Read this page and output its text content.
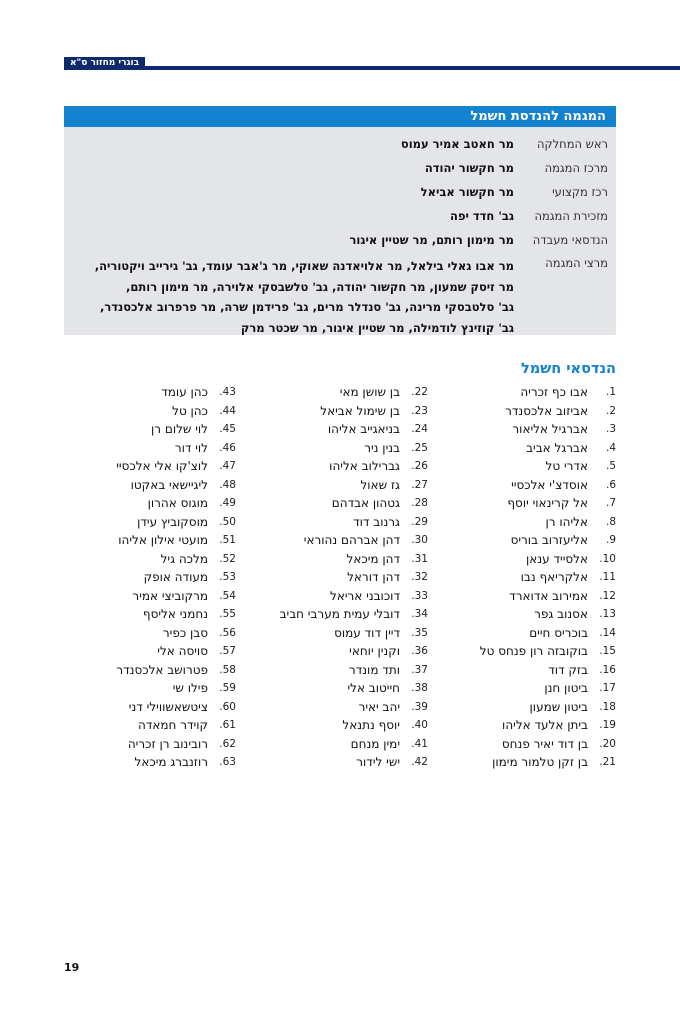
בוגרי מחזור ס"א
המגמה להנדסת חשמל
ראש המחלקה
מר חאטב אמיר עמוס
מרכז המגמה
מר חקשור יהודה
רכז מקצועי
מר חקשור אביאל
מזכירת המגמה
גב' חדד יפה
הנדסאי מעבדה
מר מימון רותם, מר שטיין איגור
מרצי המגמה
מר אבו גאלי בילאל, מר אלויאדנה שאוקי, מר ג'אבר עומד, גב' גירייב ויקטוריה,
מר זיסק שמעון, מר חקשור יהודה, גב' טלשבסקי אלוירה, מר מימון רותם,
גב' סלטבסקי מרינה, גב' סנדלר מרים, גב' פרידמן שרה, מר פרפרוב אלכסנדר,
גב' קוזינץ לודמילה, מר שטיין איגור, מר שכטר מרק
הנדסאי חשמל
1.
אבו כף זכריה
2.
אביזוב אלכסנדר
3.
אברגיל אליאור
4.
אברגל אביב
5.
אדרי טל
6.
אוסדצ'י אלכסיי
7.
אל קרינאוי יוסף
8.
אליהו רן
9.
אליעזרוב בוריס
10.
אלסייד ענאן
11.
אלקריאף נבו
12.
אמירוב אדוארד
13.
אסנוב גפר
14.
בוכריס חיים
15.
בוקובזה רון פנחס טל
16.
בזק דוד
17.
ביטון חנן
18.
ביטון שמעון
19.
ביתן אלעד אליהו
20.
בן דוד יאיר פנחס
21.
בן זקן טלמור מימון
22.
בן שושן מאי
23.
בן שימול אביאל
24.
בניאגייב אליהו
25.
בנין ניר
26.
גברילוב אליהו
27.
גז שאול
28.
גטהון אבדהם
29.
גרנוב דוד
30.
דהן אברהם נהוראי
31.
דהן מיכאל
32.
דהן דוראל
33.
דוכובני אריאל
34.
דובלי עמית מערבי חביב
35.
דיין דוד עמוס
36.
וקנין יוחאי
37.
ותד מונדר
38.
חייטוב אלי
39.
יהב יאיר
40.
יוסף נתנאל
41.
ימין מנחם
42.
ישי לידור
43.
כהן עומד
44.
כהן טל
45.
לוי שלום רן
46.
לוי דור
47.
לוצ'קו אלי אלכסיי
48.
ליגיישאי באקטו
49.
מוגוס אהרון
50.
מוסקוביץ עידן
51.
מועטי אילון אליהו
52.
מלכה גיל
53.
מעודה אופק
54.
מרקוביצי אמיר
55.
נחמני אליסף
56.
סבן כפיר
57.
סויסה אלי
58.
פטרושב אלכסנדר
59.
פילו שי
60.
ציטשאשווילי דני
61.
קוידר חמאדה
62.
רובינוב רן זכריה
63.
רוזנברג מיכאל
19
